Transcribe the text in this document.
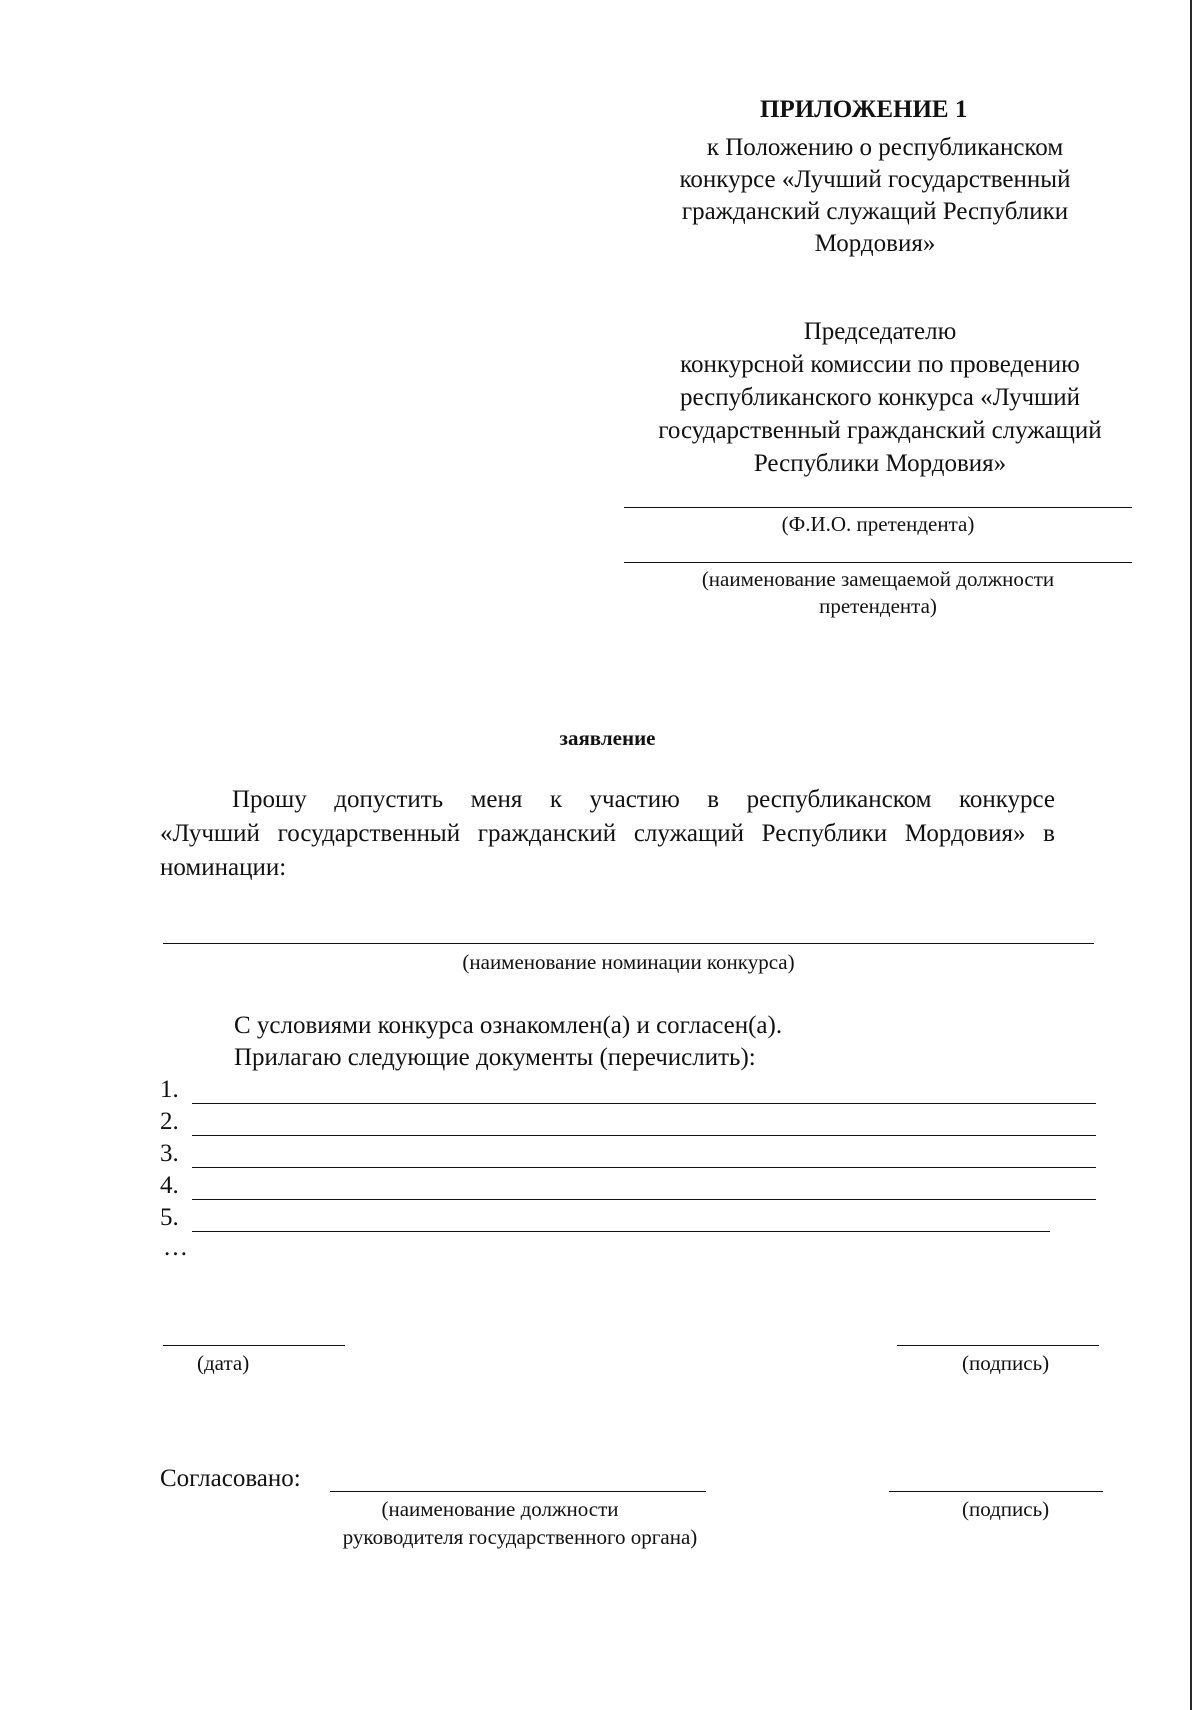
ПРИЛОЖЕНИЕ 1
к Положению о республиканском
конкурсе «Лучший государственный
гражданский служащий Республики
Мордовия»
Председателю
конкурсной комиссии по проведению
республиканского конкурса «Лучший
государственный гражданский служащий
Республики Мордовия»
(Ф.И.О. претендента)
(наименование замещаемой должности
претендента)
заявление
Прошу допустить меня к участию в республиканском конкурсе
«Лучший государственный гражданский служащий Республики Мордовия» в
номинации:
(наименование номинации конкурса)
С условиями конкурса ознакомлен(а) и согласен(а).
Прилагаю следующие документы (перечислить):
1.
2.
3.
4.
5.
…
(дата)	(подпись)
Согласовано:
(наименование должности
руководителя государственного органа)
(подпись)
